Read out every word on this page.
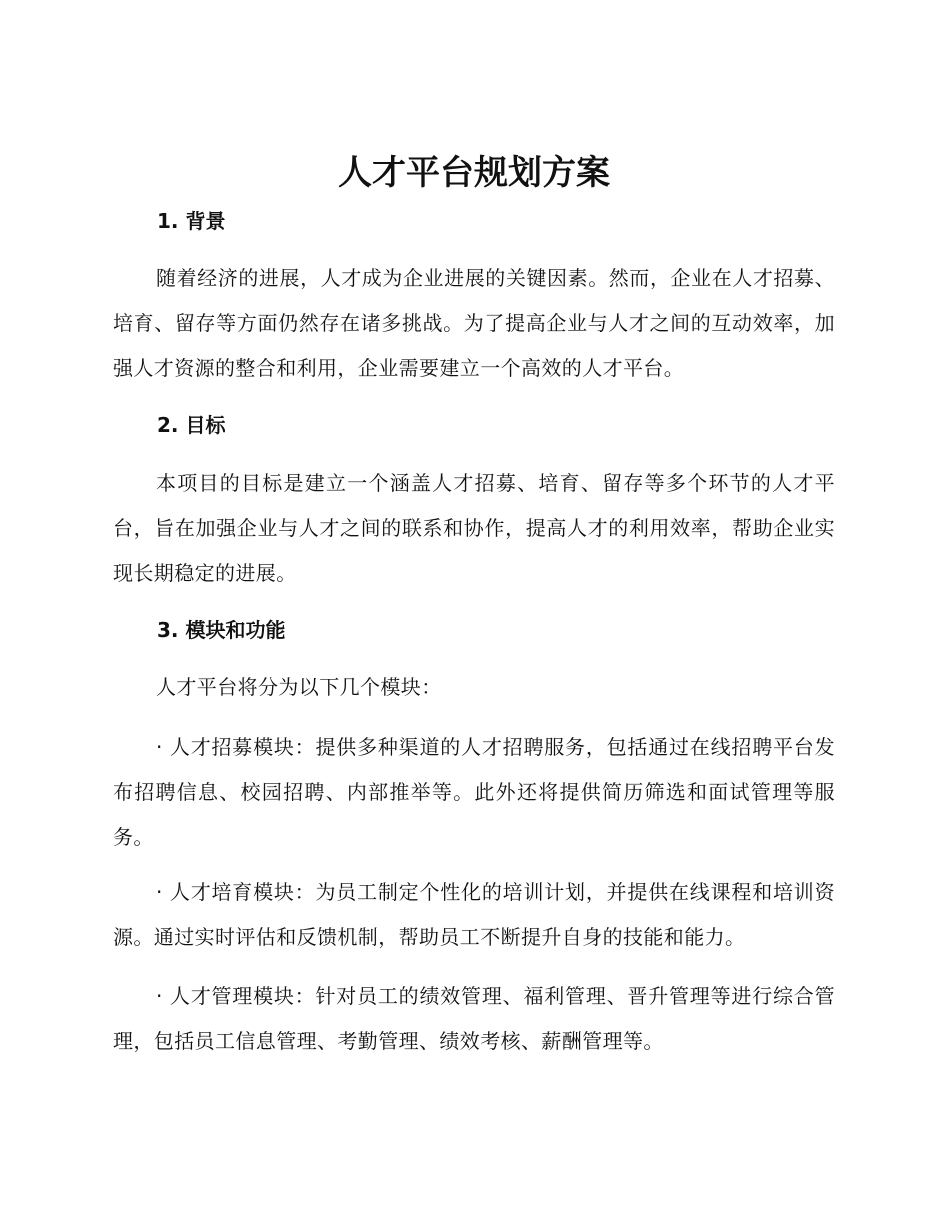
人才平台规划方案
1. 背景

随着经济的进展，人才成为企业进展的关键因素。然而，企业在人才招募、培育、留存等方面仍然存在诸多挑战。为了提高企业与人才之间的互动效率，加强人才资源的整合和利用，企业需要建立一个高效的人才平台。

2. 目标

本项目的目标是建立一个涵盖人才招募、培育、留存等多个环节的人才平台，旨在加强企业与人才之间的联系和协作，提高人才的利用效率，帮助企业实现长期稳定的进展。

3. 模块和功能

人才平台将分为以下几个模块：

· 人才招募模块：提供多种渠道的人才招聘服务，包括通过在线招聘平台发布招聘信息、校园招聘、内部推举等。此外还将提供简历筛选和面试管理等服务。

· 人才培育模块：为员工制定个性化的培训计划，并提供在线课程和培训资源。通过实时评估和反馈机制，帮助员工不断提升自身的技能和能力。

· 人才管理模块：针对员工的绩效管理、福利管理、晋升管理等进行综合管理，包括员工信息管理、考勤管理、绩效考核、薪酬管理等。
